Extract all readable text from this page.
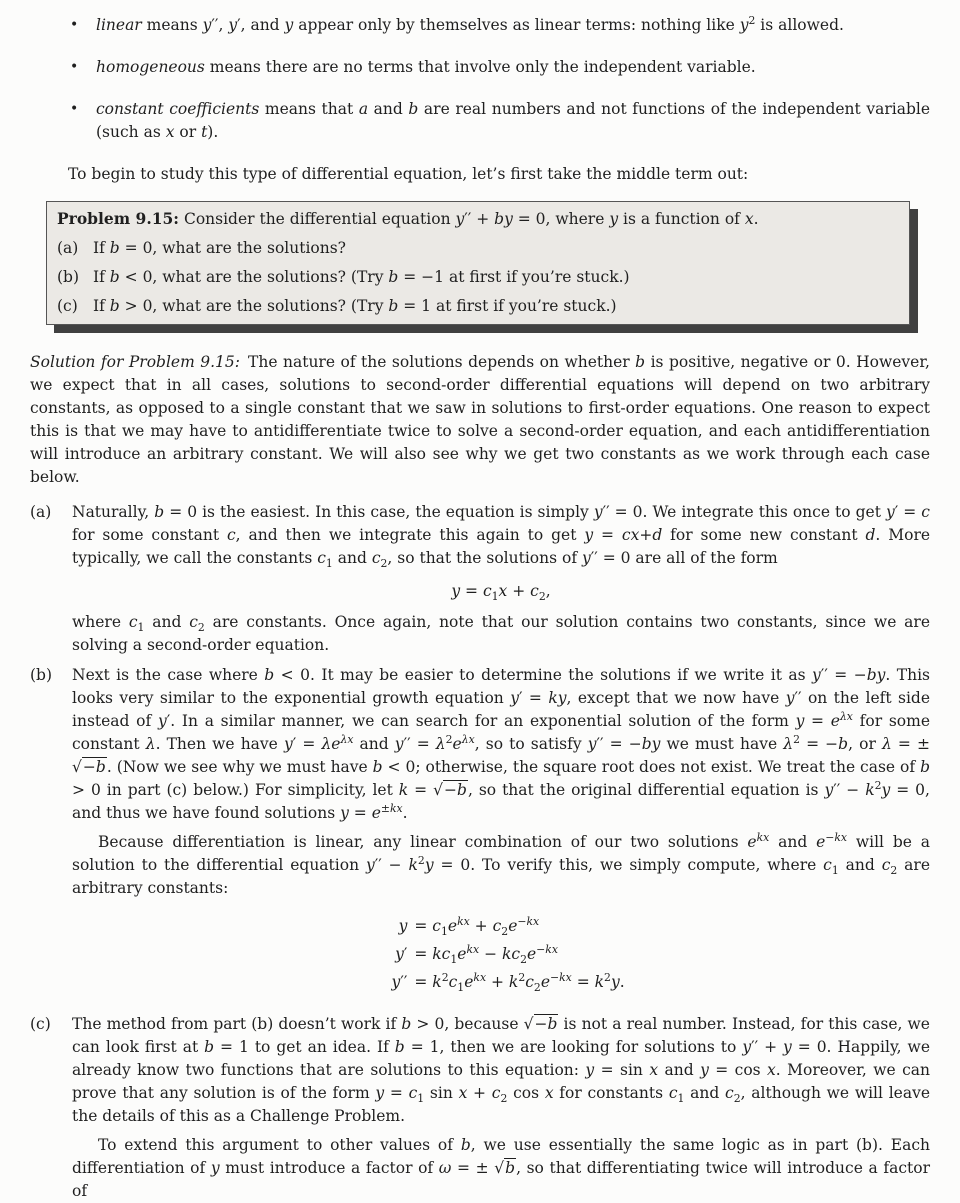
•	linear means y′′, y′, and y appear only by themselves as linear terms: nothing like $y^2$ is allowed.
•	homogeneous means there are no terms that involve only the independent variable.
•	constant coefficients means that a and b are real numbers and not functions of the independent variable (such as x or t).

To begin to study this type of differential equation, let’s first take the middle term out:

Problem 9.15: Consider the differential equation y′′ + by = 0, where y is a function of x.

(a) If b = 0, what are the solutions?
(b) If b < 0, what are the solutions? (Try b = −1 at first if you’re stuck.)
(c) If b > 0, what are the solutions? (Try b = 1 at first if you’re stuck.)

Solution for Problem 9.15: The nature of the solutions depends on whether b is positive, negative or 0. However, we expect that in all cases, solutions to second-order differential equations will depend on two arbitrary constants, as opposed to a single constant that we saw in solutions to first-order equations. One reason to expect this is that we may have to antidifferentiate twice to solve a second-order equation, and each antidifferentiation will introduce an arbitrary constant. We will also see why we get two constants as we work through each case below.

(a)	Naturally, b = 0 is the easiest. In this case, the equation is simply y′′ = 0. We integrate this once to get y′ = c for some constant c, and then we integrate this again to get y = cx+d for some new constant d. More typically, we call the constants $c_1$ and $c_2$, so that the solutions of y′′ = 0 are all of the form

$y = c_1x + c_2$,

where $c_1$ and $c_2$ are constants. Once again, note that our solution contains two constants, since we are solving a second-order equation.

(b)	Next is the case where b < 0. It may be easier to determine the solutions if we write it as y′′ = −by. This looks very similar to the exponential growth equation y′ = ky, except that we now have y′′ on the left side instead of y′. In a similar manner, we can search for an exponential solution of the form $y = e^{\lambda x}$ for some constant λ. Then we have $y' = \lambda e^{\lambda x}$ and $y'' = \lambda^2e^{\lambda x}$, so to satisfy y′′ = −by we must have $\lambda^2 = -b$, or λ = ± √−b. (Now we see why we must have b < 0; otherwise, the square root does not exist. We treat the case of b > 0 in part (c) below.) For simplicity, let k = √−b, so that the original differential equation is $y'' - k^2y = 0$, and thus we have found solutions $y = e^{\pm kx}$.

Because differentiation is linear, any linear combination of our two solutions $e^{kx}$ and $e^{-kx}$ will be a solution to the differential equation $y'' - k^2y = 0$. To verify this, we simply compute, where $c_1$ and $c_2$ are arbitrary constants:

$y = c_1e^{kx} + c_2e^{-kx}$
$y' = kc_1e^{kx} - kc_2e^{-kx}$
$y'' = k^2c_1e^{kx} + k^2c_2e^{-kx} = k^2y$.
(c)	The method from part (b) doesn’t work if b > 0, because √−b is not a real number. Instead, for this case, we can look first at b = 1 to get an idea. If b = 1, then we are looking for solutions to y′′ + y = 0. Happily, we already know two functions that are solutions to this equation: y = sin x and y = cos x. Moreover, we can prove that any solution is of the form $y = c_1$ $\sin x + c_2$ cos x for constants $c_1$ and $c_2$, although we will leave the details of this as a Challenge Problem.

To extend this argument to other values of b, we use essentially the same logic as in part (b). Each differentiation of y must introduce a factor of ω = ± √b, so that differentiating twice will introduce a factor of
